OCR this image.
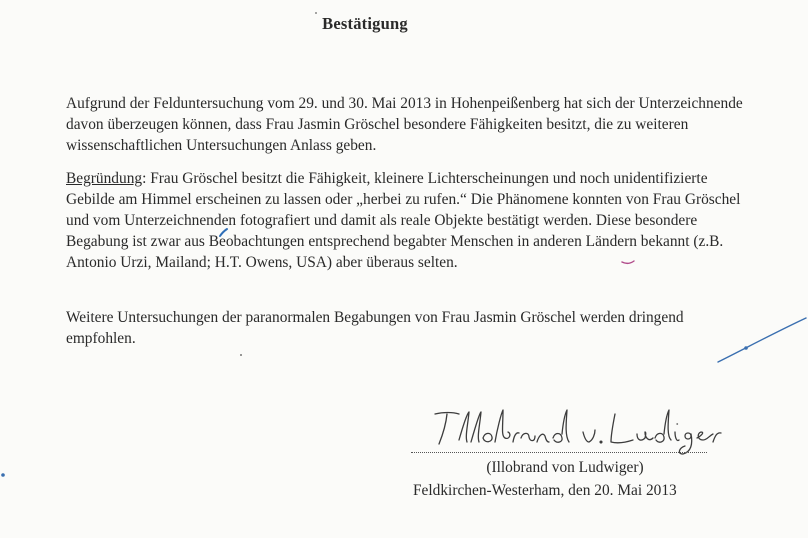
Bestätigung

Aufgrund der Felduntersuchung vom 29. und 30. Mai 2013 in Hohenpeißenberg hat sich der Unterzeichnende davon überzeugen können, dass Frau Jasmin Gröschel besondere Fähigkeiten besitzt, die zu weiteren wissenschaftlichen Untersuchungen Anlass geben.

Begründung: Frau Gröschel besitzt die Fähigkeit, kleinere Lichterscheinungen und noch unidentifizierte Gebilde am Himmel erscheinen zu lassen oder „herbei zu rufen.“ Die Phänomene konnten von Frau Gröschel und vom Unterzeichnenden fotografiert und damit als reale Objekte bestätigt werden. Diese besondere Begabung ist zwar aus Beobachtungen entsprechend begabter Menschen in anderen Ländern bekannt (z.B. Antonio Urzi, Mailand; H.T. Owens, USA) aber überaus selten.

Weitere Untersuchungen der paranormalen Begabungen von Frau Jasmin Gröschel werden dringend empfohlen.

(Illobrand von Ludwiger)
Feldkirchen-Westerham, den 20. Mai 2013
